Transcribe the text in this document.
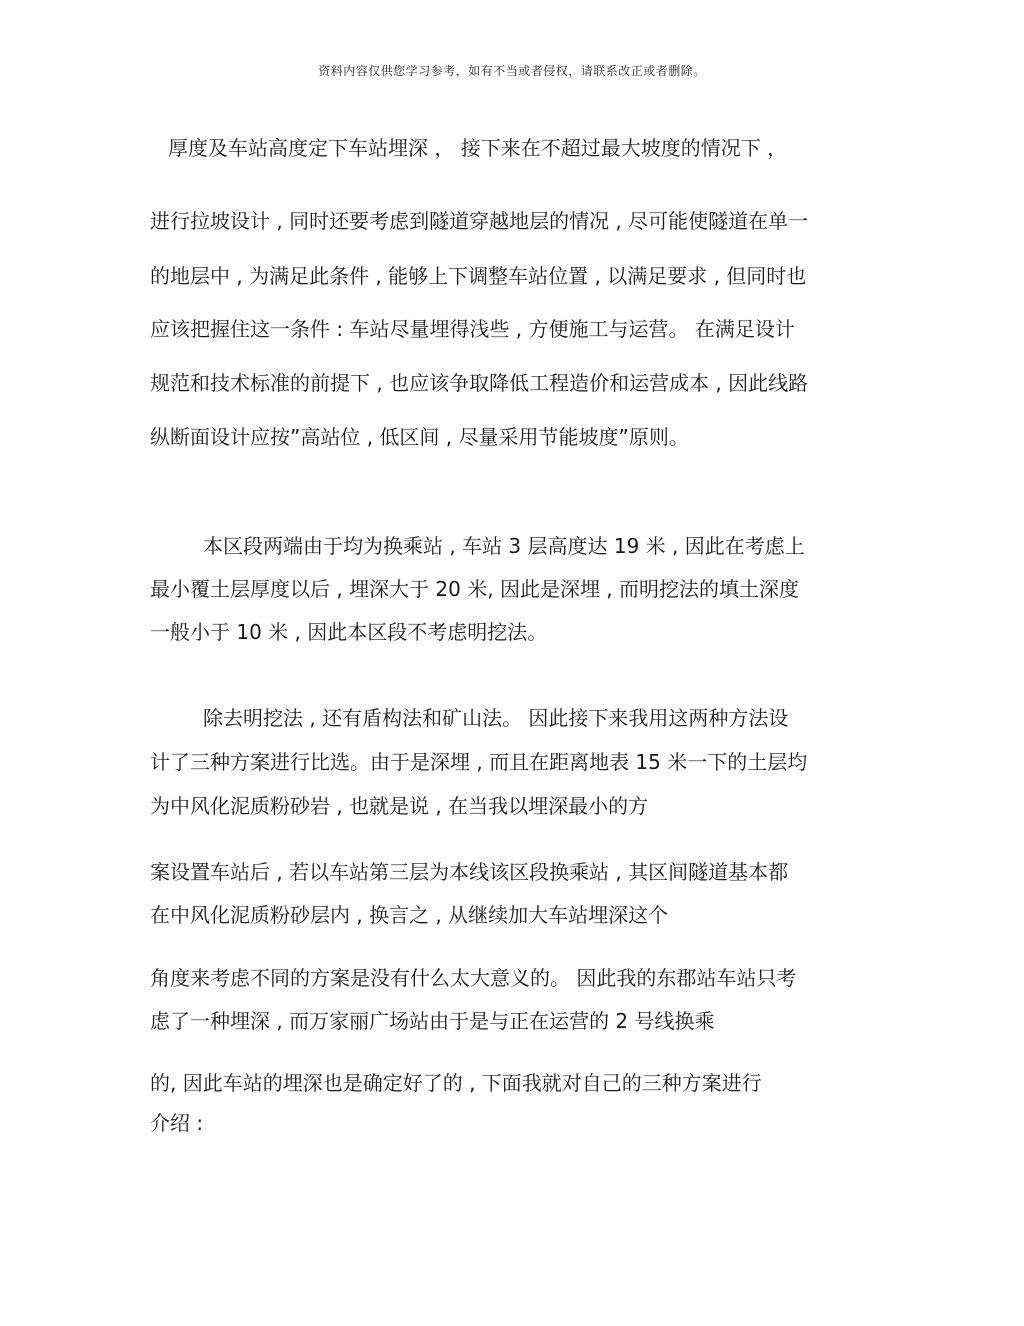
资料内容仅供您学习参考，如有不当或者侵权，请联系改正或者删除。
厚度及车站高度定下车站埋深 ， 接下来在不超过最大坡度的情况下 ，
进行拉坡设计 , 同时还要考虑到隧道穿越地层的情况 , 尽可能使隧道在单一
的地层中 , 为满足此条件 , 能够上下调整车站位置 , 以满足要求 , 但同时也
应该把握住这一条件 : 车站尽量埋得浅些 , 方便施工与运营。 在满足设计
规范和技术标准的前提下 , 也应该争取降低工程造价和运营成本 , 因此线路
纵断面设计应按”高站位 , 低区间 , 尽量采用节能坡度”原则。
本区段两端由于均为换乘站 , 车站 3 层高度达 19 米 , 因此在考虑上
最小覆土层厚度以后 , 埋深大于 20 米, 因此是深埋 , 而明挖法的填土深度
一般小于 10 米 , 因此本区段不考虑明挖法。
除去明挖法 , 还有盾构法和矿山法。 因此接下来我用这两种方法设
计了三种方案进行比选。由于是深埋 , 而且在距离地表 15 米一下的土层均
为中风化泥质粉砂岩 , 也就是说 , 在当我以埋深最小的方
案设置车站后 , 若以车站第三层为本线该区段换乘站 , 其区间隧道基本都
在中风化泥质粉砂层内 , 换言之 , 从继续加大车站埋深这个
角度来考虑不同的方案是没有什么太大意义的。 因此我的东郡站车站只考
虑了一种埋深 , 而万家丽广场站由于是与正在运营的 2 号线换乘
的, 因此车站的埋深也是确定好了的 , 下面我就对自己的三种方案进行
介绍 :
